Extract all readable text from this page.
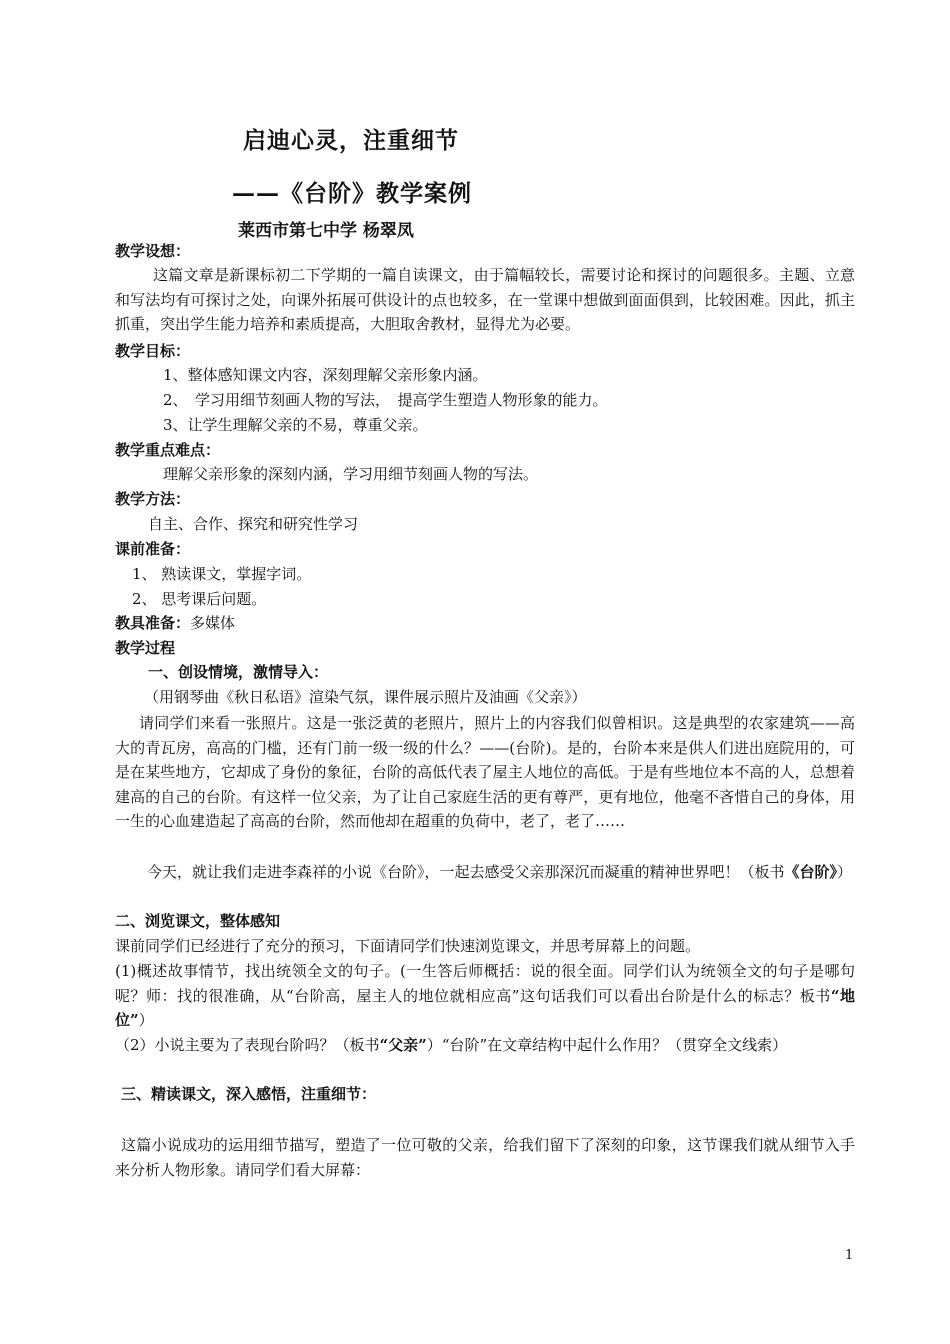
启迪心灵，注重细节
——《台阶》教学案例
莱西市第七中学 杨翠凤
教学设想：
这篇文章是新课标初二下学期的一篇自读课文，由于篇幅较长，需要讨论和探讨的问题很多。主题、立意和写法均有可探讨之处，向课外拓展可供设计的点也较多，在一堂课中想做到面面俱到，比较困难。因此，抓主抓重，突出学生能力培养和素质提高，大胆取舍教材，显得尤为必要。
教学目标：
1、整体感知课文内容，深刻理解父亲形象内涵。
2、　学习用细节刻画人物的写法，　提高学生塑造人物形象的能力。
3、让学生理解父亲的不易，尊重父亲。
教学重点难点：
理解父亲形象的深刻内涵，学习用细节刻画人物的写法。
教学方法：
自主、合作、探究和研究性学习
课前准备：
1、 熟读课文，掌握字词。
2、 思考课后问题。
教具准备：多媒体
教学过程
一、创设情境，激情导入：
（用钢琴曲《秋日私语》渲染气氛，课件展示照片及油画《父亲》）
请同学们来看一张照片。这是一张泛黄的老照片，照片上的内容我们似曾相识。这是典型的农家建筑——高大的青瓦房，高高的门槛，还有门前一级一级的什么？——(台阶)。是的，台阶本来是供人们进出庭院用的，可是在某些地方，它却成了身份的象征，台阶的高低代表了屋主人地位的高低。于是有些地位本不高的人，总想着建高的自己的台阶。有这样一位父亲，为了让自己家庭生活的更有尊严，更有地位，他毫不吝惜自己的身体，用一生的心血建造起了高高的台阶，然而他却在超重的负荷中，老了，老了……
今天，就让我们走进李森祥的小说《台阶》，一起去感受父亲那深沉而凝重的精神世界吧！（板书《台阶》）
二、浏览课文，整体感知
课前同学们已经进行了充分的预习，下面请同学们快速浏览课文，并思考屏幕上的问题。
(1)概述故事情节，找出统领全文的句子。(一生答后师概括：说的很全面。同学们认为统领全文的句子是哪句呢？师：找的很准确，从“台阶高，屋主人的地位就相应高”这句话我们可以看出台阶是什么的标志？板书“地位”）
（2）小说主要为了表现台阶吗？（板书“父亲”）“台阶”在文章结构中起什么作用？（贯穿全文线索）
三、精读课文，深入感悟，注重细节：
这篇小说成功的运用细节描写，塑造了一位可敬的父亲，给我们留下了深刻的印象，这节课我们就从细节入手来分析人物形象。请同学们看大屏幕：
1
